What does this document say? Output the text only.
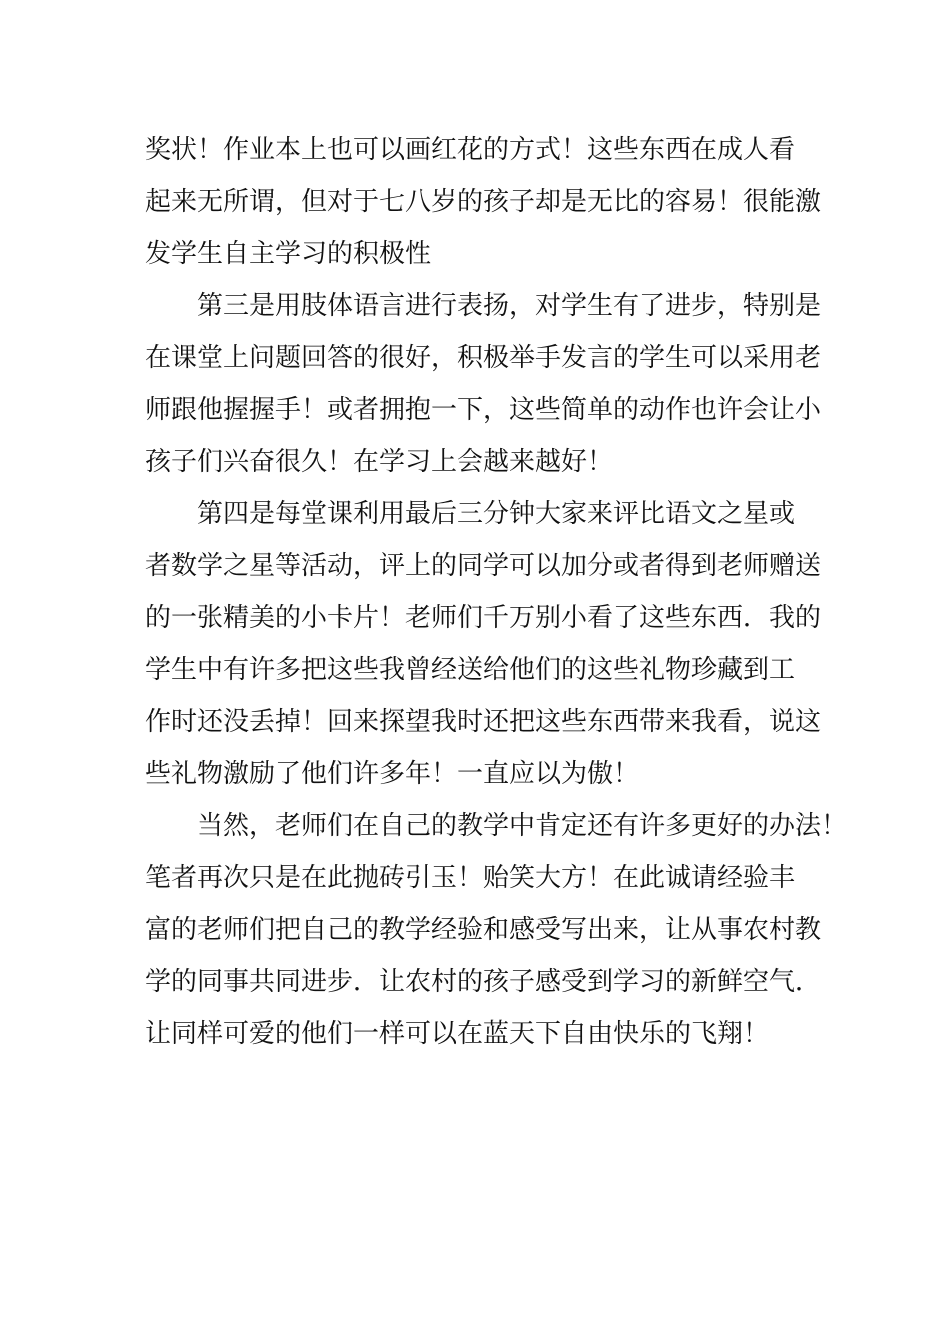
奖状！作业本上也可以画红花的方式！这些东西在成人看
起来无所谓，但对于七八岁的孩子却是无比的容易！很能激
发学生自主学习的积极性
第三是用肢体语言进行表扬，对学生有了进步，特别是
在课堂上问题回答的很好，积极举手发言的学生可以采用老
师跟他握握手！或者拥抱一下，这些简单的动作也许会让小
孩子们兴奋很久！在学习上会越来越好！
第四是每堂课利用最后三分钟大家来评比语文之星或
者数学之星等活动，评上的同学可以加分或者得到老师赠送
的一张精美的小卡片！老师们千万别小看了这些东西．我的
学生中有许多把这些我曾经送给他们的这些礼物珍藏到工
作时还没丢掉！回来探望我时还把这些东西带来我看，说这
些礼物激励了他们许多年！一直应以为傲！
当然，老师们在自己的教学中肯定还有许多更好的办法！
笔者再次只是在此抛砖引玉！贻笑大方！在此诚请经验丰
富的老师们把自己的教学经验和感受写出来，让从事农村教
学的同事共同进步．让农村的孩子感受到学习的新鲜空气．
让同样可爱的他们一样可以在蓝天下自由快乐的飞翔！
